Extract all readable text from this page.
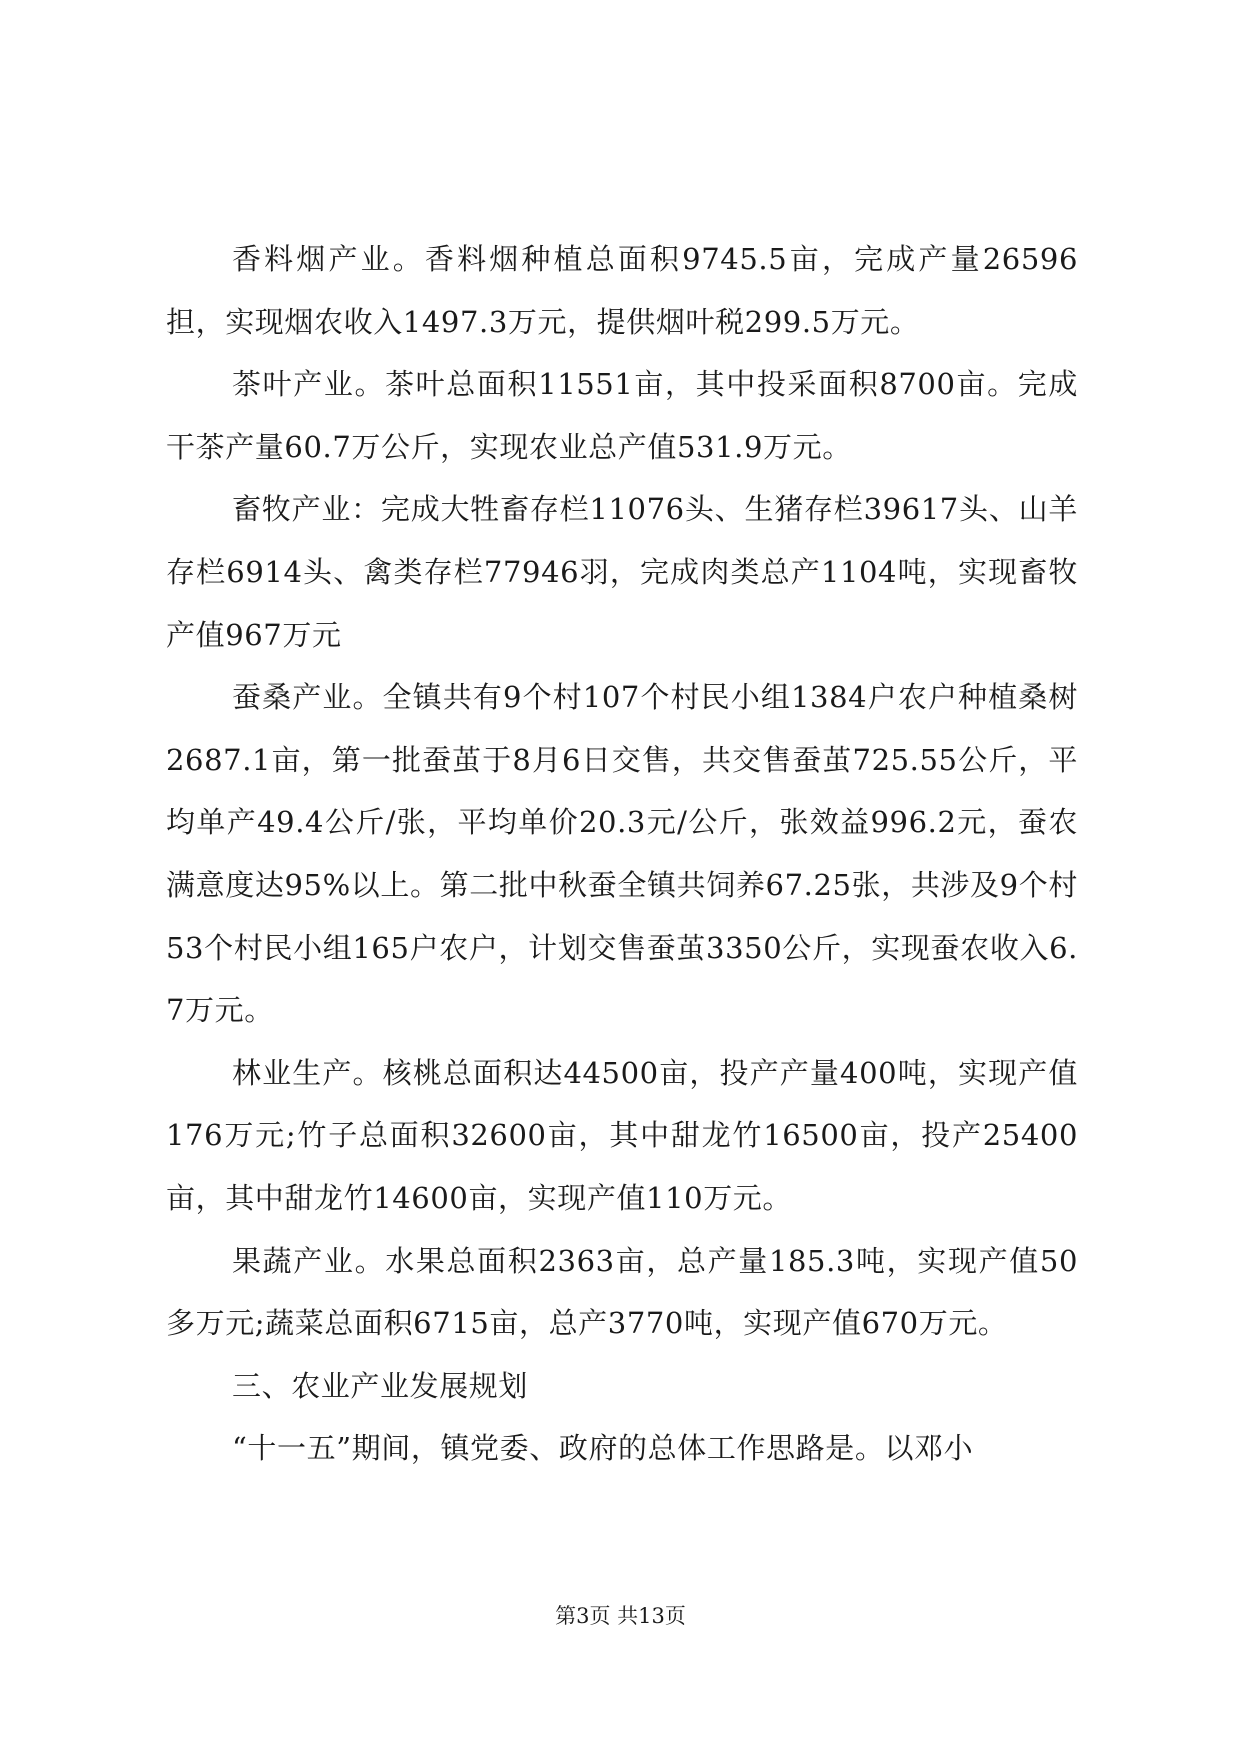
香料烟产业。香料烟种植总面积9745.5亩，完成产量26596担，实现烟农收入1497.3万元，提供烟叶税299.5万元。

茶叶产业。茶叶总面积11551亩，其中投采面积8700亩。完成干茶产量60.7万公斤，实现农业总产值531.9万元。

畜牧产业：完成大牲畜存栏11076头、生猪存栏39617头、山羊存栏6914头、禽类存栏77946羽，完成肉类总产1104吨，实现畜牧产值967万元

蚕桑产业。全镇共有9个村107个村民小组1384户农户种植桑树2687.1亩，第一批蚕茧于8月6日交售，共交售蚕茧725.55公斤，平均单产49.4公斤/张，平均单价20.3元/公斤，张效益996.2元，蚕农满意度达95%以上。第二批中秋蚕全镇共饲养67.25张，共涉及9个村53个村民小组165户农户，计划交售蚕茧3350公斤，实现蚕农收入6.7万元。

林业生产。核桃总面积达44500亩，投产产量400吨，实现产值176万元;竹子总面积32600亩，其中甜龙竹16500亩，投产25400亩，其中甜龙竹14600亩，实现产值110万元。

果蔬产业。水果总面积2363亩，总产量185.3吨，实现产值50多万元;蔬菜总面积6715亩，总产3770吨，实现产值670万元。

三、农业产业发展规划

“十一五”期间，镇党委、政府的总体工作思路是。以邓小

第3页 共13页
